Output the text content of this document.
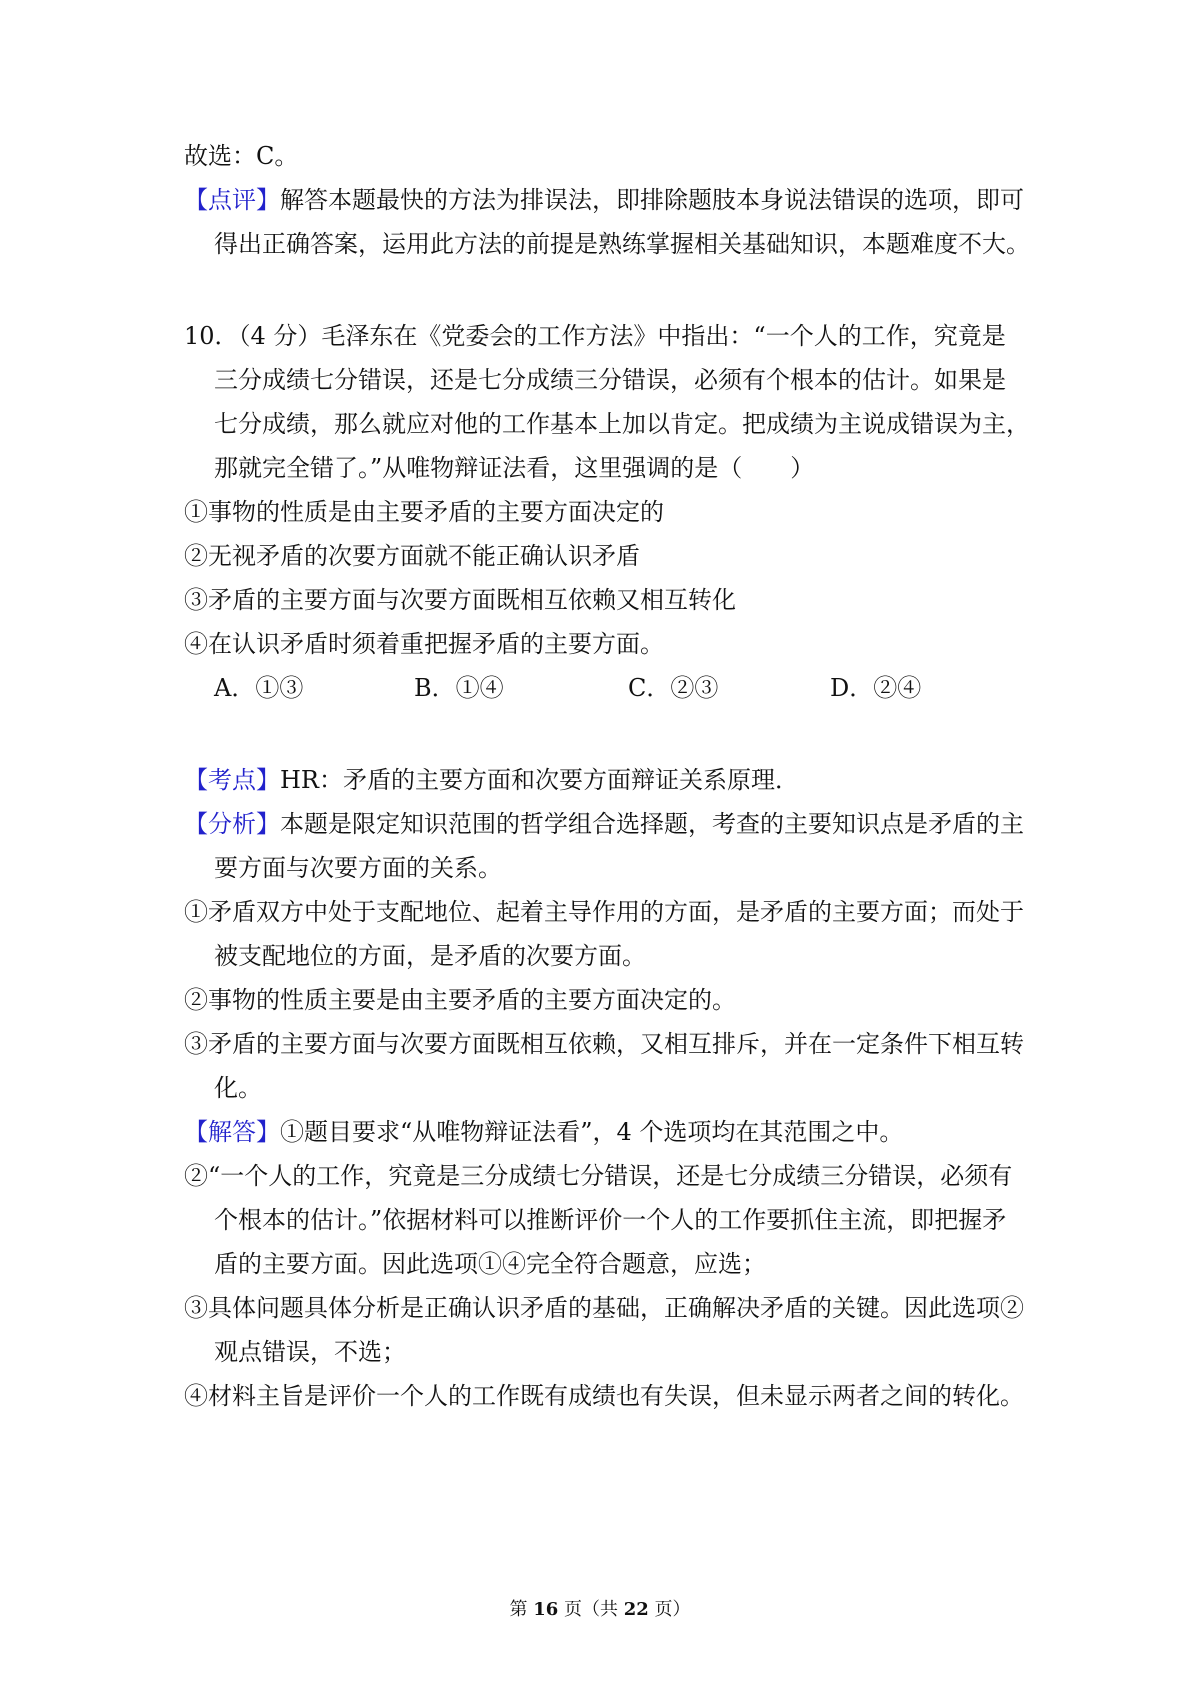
故选：C。
【点评】解答本题最快的方法为排误法，即排除题肢本身说法错误的选项，即可
得出正确答案，运用此方法的前提是熟练掌握相关基础知识，本题难度不大。
10．（4 分）毛泽东在《党委会的工作方法》中指出：“一个人的工作，究竟是
三分成绩七分错误，还是七分成绩三分错误，必须有个根本的估计。如果是
七分成绩，那么就应对他的工作基本上加以肯定。把成绩为主说成错误为主，
那就完全错了。”从唯物辩证法看，这里强调的是（　　）
①事物的性质是由主要矛盾的主要方面决定的
②无视矛盾的次要方面就不能正确认识矛盾
③矛盾的主要方面与次要方面既相互依赖又相互转化
④在认识矛盾时须着重把握矛盾的主要方面。
A．①③	B．①④	C．②③	D．②④
【考点】HR：矛盾的主要方面和次要方面辩证关系原理．
【分析】本题是限定知识范围的哲学组合选择题，考查的主要知识点是矛盾的主
要方面与次要方面的关系。
①矛盾双方中处于支配地位、起着主导作用的方面，是矛盾的主要方面；而处于
被支配地位的方面，是矛盾的次要方面。
②事物的性质主要是由主要矛盾的主要方面决定的。
③矛盾的主要方面与次要方面既相互依赖，又相互排斥，并在一定条件下相互转
化。
【解答】①题目要求“从唯物辩证法看”，4 个选项均在其范围之中。
②“一个人的工作，究竟是三分成绩七分错误，还是七分成绩三分错误，必须有
个根本的估计。”依据材料可以推断评价一个人的工作要抓住主流，即把握矛
盾的主要方面。因此选项①④完全符合题意，应选；
③具体问题具体分析是正确认识矛盾的基础，正确解决矛盾的关键。因此选项②
观点错误，不选；
④材料主旨是评价一个人的工作既有成绩也有失误，但未显示两者之间的转化。
第 16 页（共 22 页）
